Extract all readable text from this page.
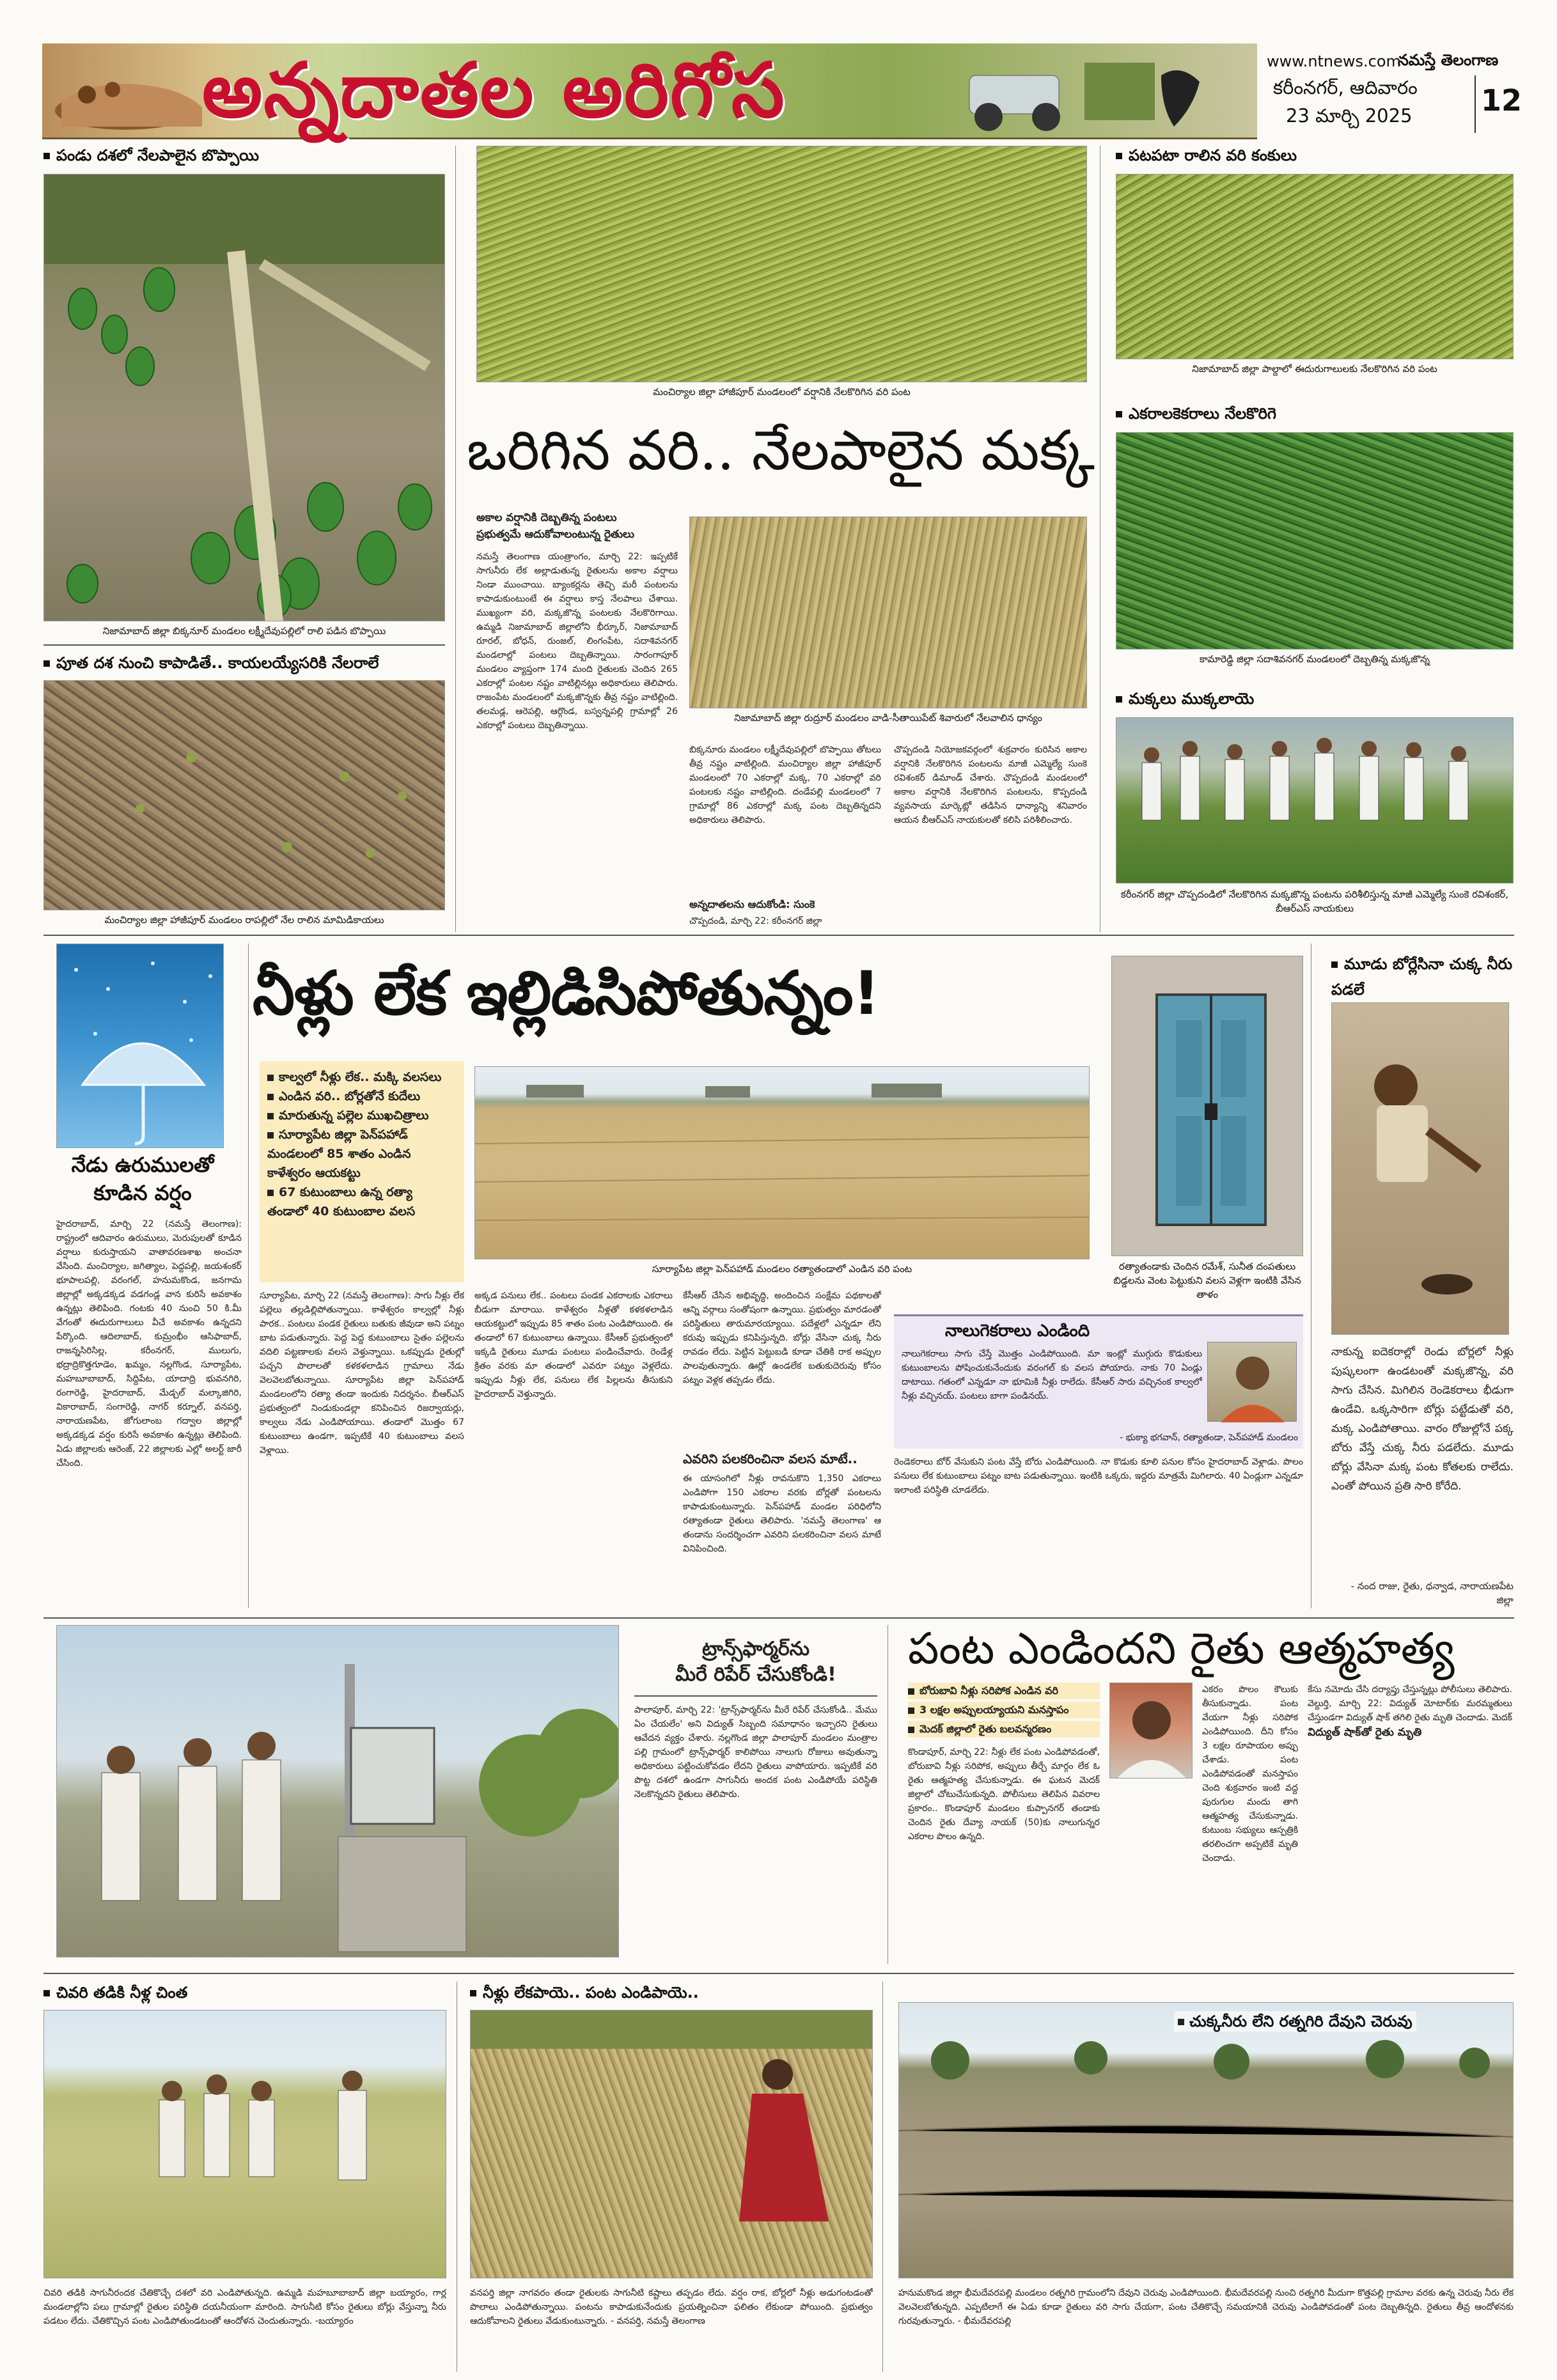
అన్నదాతల అరిగోస	www.ntnews.com
నమస్తే తెలంగాణ
కరీంనగర్, ఆదివారం
23 మార్చి 2025 12
పండు దశలో నేలపాలైన బొప్పాయి
నిజామాబాద్ జిల్లా బిక్కనూర్ మండలం లక్ష్మీదేవుపల్లిలో రాలి పడిన బొప్పాయి
పూత దశ నుంచి కాపాడితే.. కాయలయ్యేసరికి నేలరాలే
మంచిర్యాల జిల్లా హాజీపూర్ మండలం రాపల్లిలో నేల రాలిన మామిడికాయలు
మంచిర్యాల జిల్లా హాజీపూర్ మండలంలో వర్షానికి నేలకొరిగిన వరి పంట
ఒరిగిన వరి.. నేలపాలైన మక్క
అకాల వర్షానికి దెబ్బతిన్న పంటలు
ప్రభుత్వమే ఆదుకోవాలంటున్న రైతులు
నమస్తే తెలంగాణ యంత్రాంగం, మార్చి 22: ఇప్పటికే సాగునీరు లేక అల్లాడుతున్న రైతులను అకాల వర్షాలు నిండా ముంచాయి. బ్యాంకర్లను తెచ్చి మరీ పంటలను కాపాడుకుంటుంటే ఈ వర్షాలు కాస్త నేలపాలు చేశాయి. ముఖ్యంగా వరి, మక్కజొన్న పంటలకు నేలకొరిగాయి. ఉమ్మడి నిజామాబాద్ జిల్లాలోని భీర్కూర్, నిజామాబాద్ రూరల్, బోధన్, రుంజల్, లింగంపేట, సదాశివనగర్ మండలాల్లో పంటలు దెబ్బతిన్నాయి. సారంగాపూర్ మండలం వ్యాప్తంగా 174 మంది రైతులకు చెందిన 265 ఎకరాల్లో పంటల నష్టం వాటిల్లినట్లు అధికారులు తెలిపారు. రాజంపేట మండలంలో మక్కజొన్నకు తీవ్ర నష్టం వాటిల్లింది. తలమడ్ల, ఆరెపల్లి, ఆర్గొండ, బస్వన్నపల్లి గ్రామాల్లో 26 ఎకరాల్లో పంటలు దెబ్బతిన్నాయి.
నిజామాబాద్ జిల్లా రుద్రూర్ మండలం వాడి-సీతాయిపేట్ శివారులో నేలవాలిన ధాన్యం
బిక్కనూరు మండలం లక్ష్మీదేవుపల్లిలో బొప్పాయి తోటలు తీవ్ర నష్టం వాటిల్లింది. మంచిర్యాల జిల్లా హాజీపూర్ మండలంలో 70 ఎకరాల్లో మక్క, 70 ఎకరాల్లో వరి పంటలకు నష్టం వాటిల్లింది. దండేపల్లి మండలంలో 7 గ్రామాల్లో 86 ఎకరాల్లో మక్క పంట దెబ్బతిన్నదని అధికారులు తెలిపారు.
అన్నదాతలను ఆదుకోండి: సుంకె
చొప్పదండి, మార్చి 22: కరీంనగర్ జిల్లా
చొప్పదండి నియోజకవర్గంలో శుక్రవారం కురిసిన అకాల వర్షానికి నేలకొరిగిన పంటలను మాజీ ఎమ్మెల్యే సుంకె రవిశంకర్ డిమాండ్ చేశారు. చొప్పదండి మండలంలో అకాల వర్షానికి నేలకొరిగిన పంటలను, కొప్పదండి వ్యవసాయ మార్కెట్లో తడిసిన ధాన్యాన్ని శనివారం ఆయన బీఆర్ఎస్ నాయకులతో కలిసి పరిశీలించారు.
పటపటా రాలిన వరి కంకులు
నిజామాబాద్ జిల్లా పాల్దాలో ఈదురుగాలులకు నేలకొరిగిన వరి పంట
ఎకరాలకెకరాలు నేలకొరిగె
కామారెడ్డి జిల్లా సదాశివనగర్ మండలంలో దెబ్బతిన్న మక్కజొన్న
మక్కలు ముక్కలాయె
కరీంనగర్ జిల్లా చొప్పదండిలో నేలకొరిగిన మక్కజొన్న పంటను పరిశీలిస్తున్న మాజీ ఎమ్మెల్యే సుంకె రవిశంకర్, బీఆర్ఎస్ నాయకులు
నేడు ఉరుములతో కూడిన వర్షం
హైదరాబాద్, మార్చి 22 (నమస్తే తెలంగాణ): రాష్ట్రంలో ఆదివారం ఉరుములు, మెరుపులతో కూడిన వర్షాలు కురుస్తాయని వాతావరణశాఖ అంచనా వేసింది. మంచిర్యాల, జగిత్యాల, పెద్దపల్లి, జయశంకర్ భూపాలపల్లి, వరంగల్, హనుమకొండ, జనగామ జిల్లాల్లో అక్కడక్కడ వడగండ్ల వాన కురిసే అవకాశం ఉన్నట్లు తెలిపింది. గంటకు 40 నుంచి 50 కి.మీ వేగంతో ఈదురుగాలులు వీచే అవకాశం ఉన్నదని పేర్కొంది. ఆదిలాబాద్, కుమ్రంభీం ఆసిఫాబాద్, రాజన్నసిరిసిల్ల, కరీంనగర్, ములుగు, భద్రాద్రికొత్తగూడెం, ఖమ్మం, నల్లగొండ, సూర్యాపేట, మహబూబాబాద్, సిద్దిపేట, యాదాద్రి భువనగిరి, రంగారెడ్డి, హైదరాబాద్, మేడ్చల్ మల్కాజిగిరి, వికారాబాద్, సంగారెడ్డి, నాగర్ కర్నూల్, వనపర్తి, నారాయణపేట, జోగులాంబ గద్వాల జిల్లాల్లో అక్కడక్కడ వర్షం కురిసే అవకాశం ఉన్నట్లు తెలిపింది. ఏడు జిల్లాలకు ఆరెంజ్, 22 జిల్లాలకు ఎల్లో అలర్ట్ జారీ చేసింది.
నీళ్లు లేక ఇల్లిడిసిపోతున్నం!
కాల్వలో నీళ్లు లేక.. మక్కి వలసలు
ఎండిన వరి.. బోర్లతోనే కుదేలు
మారుతున్న పల్లెల ముఖచిత్రాలు
సూర్యాపేట జిల్లా పెన్‌పహాడ్ మండలంలో 85 శాతం ఎండిన కాళేశ్వరం ఆయకట్టు
67 కుటుంబాలు ఉన్న రత్యా తండాలో 40 కుటుంబాల వలస
సూర్యాపేట జిల్లా పెన్‌పహాడ్ మండలం రత్యాతండాలో ఎండిన వరి పంట	రత్యాతండాకు చెందిన రమేశ్, సునీత దంపతులు బిడ్డలను వెంట పెట్టుకుని వలస వెళ్లగా ఇంటికి వేసిన తాళం
మూడు బోర్లేసినా చుక్క నీరు పడలే
నాకున్న ఐదెకరాల్లో రెండు బోర్లలో నీళ్లు పుష్కలంగా ఉండటంతో మక్కజొన్న, వరి సాగు చేసిన. మిగిలిన రెండెకరాలు భీడుగా ఉండేవి. ఒక్కసారిగా బోర్లు పట్టేడుతో వరి, మక్క ఎండిపోతాయి. వారం రోజుల్లోనే పక్క బోరు వేస్తే చుక్క నీరు పడలేదు. మూడు బోర్లు వేసినా మక్క పంట కోతలకు రాలేదు. ఎంతో పోయిన ప్రతి సారి కోరేది.
- నంద రాజు, రైతు, ధన్వాడ, నారాయణపేట జిల్లా
సూర్యాపేట, మార్చి 22 (నమస్తే తెలంగాణ): సాగు నీళ్లు లేక పల్లెలు తల్లడిల్లిపోతున్నాయి. కాళేశ్వరం కాల్వల్లో నీళ్లు పారక.. పంటలు పండక రైతులు బతుకు జీవుడా అని పట్నం బాట పడుతున్నారు. పెద్ద పెద్ద కుటుంబాలు సైతం పల్లెలను వదిలి పట్టణాలకు వలస వెళ్తున్నాయి. ఒకప్పుడు రైతుల్లో పచ్చని పొలాలతో కళకళలాడిన గ్రామాలు నేడు వెలవెలబోతున్నాయి. సూర్యాపేట జిల్లా పెన్‌పహాడ్ మండలంలోని రత్యా తండా ఇందుకు నిదర్శనం. బీఆర్ఎస్ ప్రభుత్వంలో నిండుకుండల్లా కనిపించిన రిజర్వాయర్లు, కాల్వలు నేడు ఎండిపోయాయి. తండాలో మొత్తం 67 కుటుంబాలు ఉండగా, ఇప్పటికే 40 కుటుంబాలు వలస వెళ్లాయి.
అక్కడ పనులు లేక.. పంటలు పండక ఎకరాలకు ఎకరాలు బీడుగా మారాయి. కాళేశ్వరం నీళ్లతో కళకళలాడిన ఆయకట్టులో ఇప్పుడు 85 శాతం పంట ఎండిపోయింది. ఈ తండాలో 67 కుటుంబాలు ఉన్నాయి. కేసీఆర్ ప్రభుత్వంలో ఇక్కడి రైతులు మూడు పంటలు పండించేవారు. రెండేళ్ల క్రితం వరకు మా తండాలో ఎవరూ పట్నం వెళ్లలేదు. ఇప్పుడు నీళ్లు లేక, పనులు లేక పిల్లలను తీసుకుని హైదరాబాద్ వెళ్తున్నారు.
కేసీఆర్ చేసిన అభివృద్ధి, అందించిన సంక్షేమ పథకాలతో ఆన్ని వర్గాలు సంతోషంగా ఉన్నాయి. ప్రభుత్వం మారడంతో పరిస్థితులు తారుమారయ్యాయి. పదేళ్లలో ఎన్నడూ లేని కరువు ఇప్పుడు కనిపిస్తున్నది. బోర్లు వేసినా చుక్క నీరు రావడం లేదు. పెట్టిన పెట్టుబడి కూడా చేతికి రాక అప్పుల పాలవుతున్నారు. ఊర్లో ఉండలేక బతుకుదెరువు కోసం పట్నం వెళ్లక తప్పడం లేదు.
నాలుగెకరాలు ఎండింది
నాలుగెకరాలు సాగు చేస్తే మొత్తం ఎండిపోయింది. మా ఇంట్లో ముగ్గురు కొడుకులు కుటుంబాలను పోషించుకునేందుకు వరంగల్ కు వలస పోయారు. నాకు 70 ఏండ్లు దాటాయి. గతంలో ఎన్నడూ నా భూమికి నీళ్లు రాలేదు. కేసీఆర్ సారు వచ్చినంక కాల్వలో నీళ్లు వచ్చినయ్. పంటలు బాగా పండినయ్.
- భుక్యా భగవాన్, రత్యాతండా, పెన్‌పహాడ్ మండలం
ఎవరిని పలకరించినా వలస మాటే..
ఈ యాసంగిలో నీళ్లు రావనుకొని 1,350 ఎకరాలు ఎండిపోగా 150 ఎకరాల వరకు బోర్లతో పంటలను కాపాడుకుంటున్నారు. పెన్‌పహాడ్ మండల పరిధిలోని రత్యాతండా రైతులు తెలిపారు. 'నమస్తే తెలంగాణ' ఆ తండాను సందర్శించగా ఎవరిని పలకరించినా వలస మాటే వినిపించింది.
రెండెకరాలు బోర్ వేసుకుని పంట వేస్తే బోరు ఎండిపోయింది. నా కొడుకు కూలి పనుల కోసం హైదరాబాద్ వెళ్లాడు. పొలం పనులు లేక కుటుంబాలు పట్నం బాట పడుతున్నాయి. ఇంటికి ఒక్కరు, ఇద్దరు మాత్రమే మిగిలారు. 40 ఏండ్లుగా ఎన్నడూ ఇలాంటి పరిస్థితి చూడలేదు.
ట్రాన్స్‌ఫార్మర్‌ను
మీరే రిపేర్ చేసుకోండి!
పాలాపూర్, మార్చి 22: 'ట్రాన్స్‌ఫార్మర్‌ను మీరే రిపేర్ చేసుకోండి.. మేము ఏం చేయలేం' అని విద్యుత్ సిబ్బంది సమాధానం ఇచ్చారని రైతులు ఆవేదన వ్యక్తం చేశారు. నల్లగొండ జిల్లా పాలాపూర్ మండలం మంత్రాల పల్లి గ్రామంలో ట్రాన్స్‌ఫార్మర్ కాలిపోయి నాలుగు రోజులు అవుతున్నా అధికారులు పట్టించుకోవడం లేదని రైతులు వాపోయారు. ఇప్పటికే వరి పొట్ట దశలో ఉండగా సాగునీరు అందక పంట ఎండిపోయే పరిస్థితి నెలకొన్నదని రైతులు తెలిపారు.
పంట ఎండిందని రైతు ఆత్మహత్య
బోరుబావి నీళ్లు సరిపోక ఎండిన వరి
3 లక్షల అప్పులయ్యాయని మనస్తాపం
మెదక్ జిల్లాలో రైతు బలవన్మరణం
కొండాపూర్, మార్చి 22: నీళ్లు లేక పంట ఎండిపోవడంతో, బోరుబావి నీళ్లు సరిపోక, అప్పులు తీర్చే మార్గం లేక ఓ రైతు ఆత్మహత్య చేసుకున్నాడు. ఈ ఘటన మెదక్ జిల్లాలో చోటుచేసుకున్నది. పోలీసులు తెలిపిన వివరాల ప్రకారం.. కొండాపూర్ మండలం కుప్పానగర్ తండాకు చెందిన రైతు దేవ్యా నాయక్ (50)కు నాలుగున్నర ఎకరాల పొలం ఉన్నది.
ఎకరం పొలం కౌలుకు తీసుకున్నాడు. పంట వేయగా నీళ్లు సరిపోక ఎండిపోయింది. దీని కోసం 3 లక్షల రూపాయల అప్పు చేశాడు. పంట ఎండిపోవడంతో మనస్తాపం చెంది శుక్రవారం ఇంటి వద్ద పురుగుల మందు తాగి ఆత్మహత్య చేసుకున్నాడు. కుటుంబ సభ్యులు ఆస్పత్రికి తరలించగా అప్పటికే మృతి చెందాడు.
విద్యుత్ షాక్‌తో రైతు మృతి
కేసు నమోదు చేసి దర్యాప్తు చేస్తున్నట్లు పోలీసులు తెలిపారు. వెల్దుర్తి, మార్చి 22: విద్యుత్ మోటార్‌కు మరమ్మతులు చేస్తుండగా విద్యుత్ షాక్ తగిలి రైతు మృతి చెందాడు. మెదక్
చివరి తడికి నీళ్ల చింత
చివరి తడికి సాగునీరందక చేతికొచ్చే దశలో వరి ఎండిపోతున్నది. ఉమ్మడి మహబూబాబాద్ జిల్లా బయ్యారం, గార్ల మండలాల్లోని పలు గ్రామాల్లో రైతుల పరిస్థితి దయనీయంగా మారింది. సాగునీటి కోసం రైతులు బోర్లు వేస్తున్నా నీరు పడటం లేదు. చేతికొచ్చిన పంట ఎండిపోతుండటంతో ఆందోళన చెందుతున్నారు. -బయ్యారం
నీళ్లు లేకపాయె.. పంట ఎండిపాయె..
వనపర్తి జిల్లా నాగవరం తండా రైతులకు సాగునీటి కష్టాలు తప్పడం లేదు. వర్షం రాక, బోర్లలో నీళ్లు అడుగంటడంతో పొలాలు ఎండిపోతున్నాయి. పంటను కాపాడుకునేందుకు ప్రయత్నించినా ఫలితం లేకుండా పోయింది. ప్రభుత్వం ఆదుకోవాలని రైతులు వేడుకుంటున్నారు. - వనపర్తి, నమస్తే తెలంగాణ
చుక్కనీరు లేని రత్నగిరి దేవుని చెరువు
హనుమకొండ జిల్లా భీమదేవరపల్లి మండలం రత్నగిరి గ్రామంలోని దేవుని చెరువు ఎండిపోయింది. భీమదేవరపల్లి నుంచి రత్నగిరి మీదుగా కొత్తపల్లి గ్రామాల వరకు ఉన్న చెరువు నీరు లేక వెలవెలబోతున్నది. ఎప్పటిలాగే ఈ ఏడు కూడా రైతులు వరి సాగు చేయగా, పంట చేతికొచ్చే సమయానికి చెరువు ఎండిపోవడంతో పంట దెబ్బతిన్నది. రైతులు తీవ్ర ఆందోళనకు గురవుతున్నారు. - భీమదేవరపల్లి
